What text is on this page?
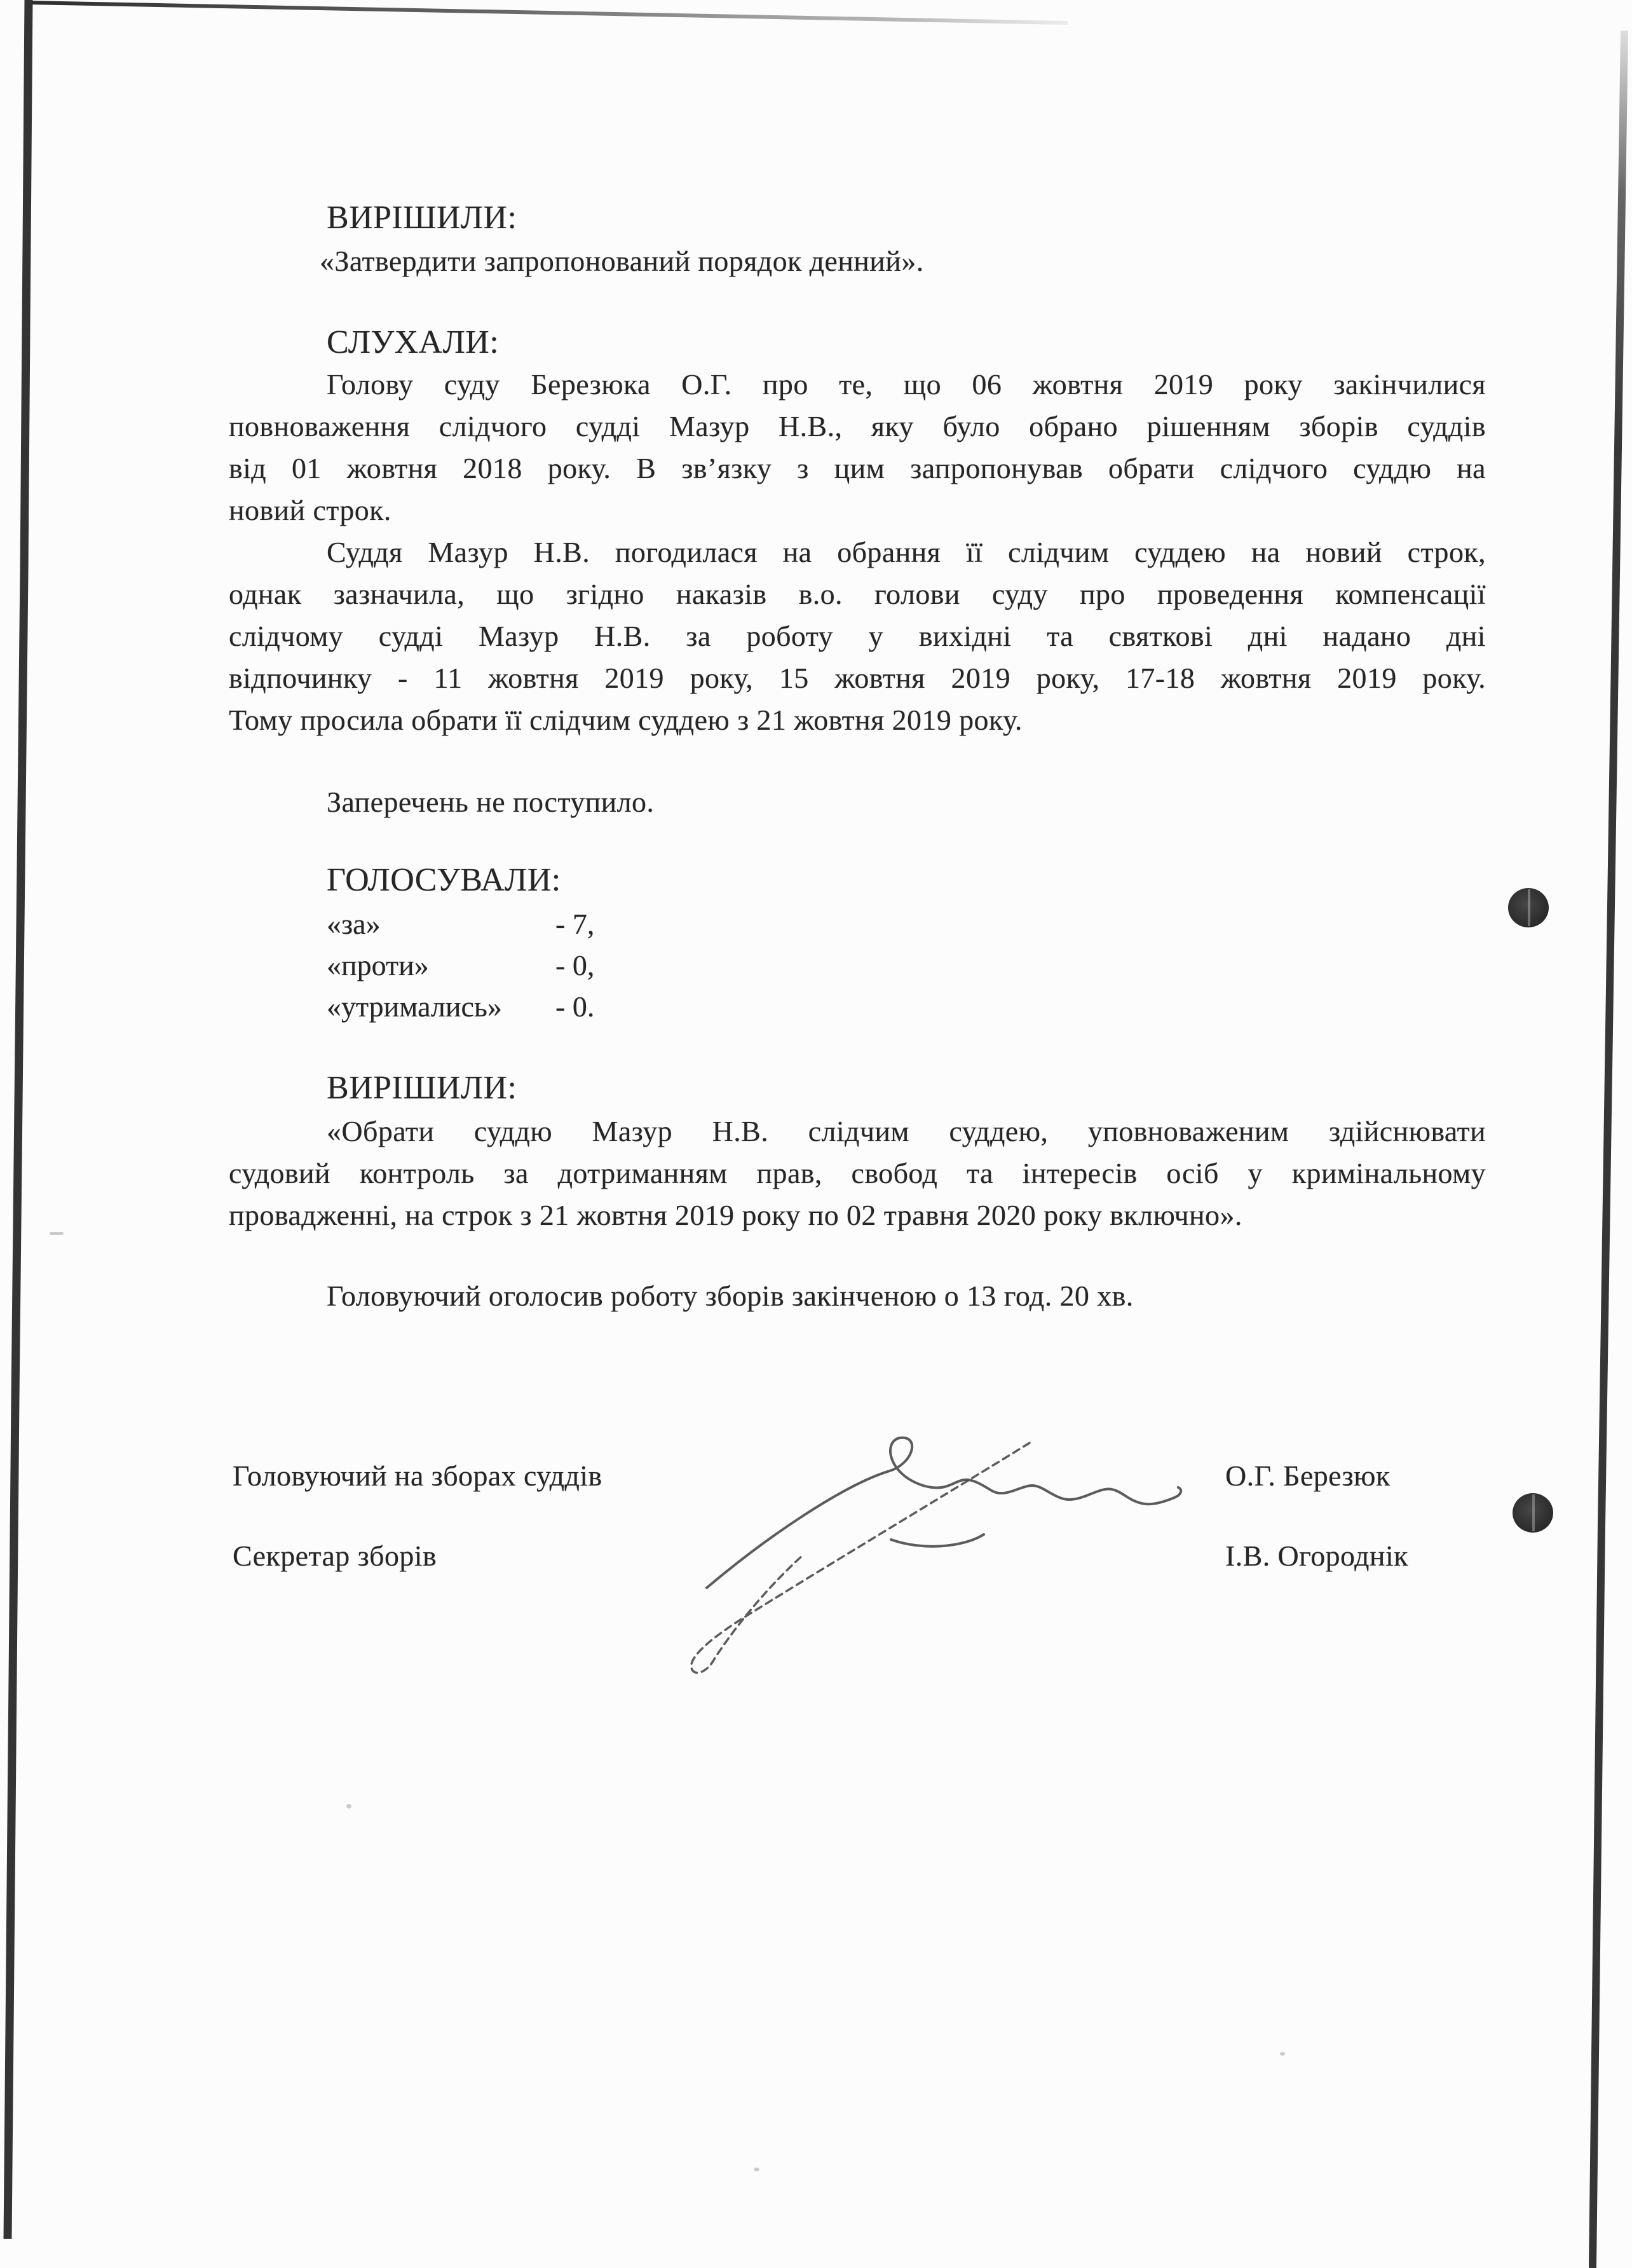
ВИРІШИЛИ:
«Затвердити запропонований порядок денний».
СЛУХАЛИ:
Голову суду Березюка О.Г. про те, що 06 жовтня 2019 року закінчилися
повноваження слідчого судді Мазур Н.В., яку було обрано рішенням зборів суддів
від 01 жовтня 2018 року. В зв’язку з цим запропонував обрати слідчого суддю на
новий строк.
Суддя Мазур Н.В. погодилася на обрання її слідчим суддею на новий строк,
однак зазначила, що згідно наказів в.о. голови суду про проведення компенсації
слідчому судді Мазур Н.В. за роботу у вихідні та святкові дні надано дні
відпочинку - 11 жовтня 2019 року, 15 жовтня 2019 року, 17-18 жовтня 2019 року.
Тому просила обрати її слідчим суддею з 21 жовтня 2019 року.
Заперечень не поступило.
ГОЛОСУВАЛИ:
«за»	- 7,
«проти»	- 0,
«утримались» - 0.
ВИРІШИЛИ:
«Обрати суддю Мазур Н.В. слідчим суддею, уповноваженим здійснювати
судовий контроль за дотриманням прав, свобод та інтересів осіб у кримінальному
провадженні, на строк з 21 жовтня 2019 року по 02 травня 2020 року включно».
Головуючий оголосив роботу зборів закінченою о 13 год. 20 хв.
Головуючий на зборах суддів	О.Г. Березюк
Секретар зборів	І.В. Огороднік
